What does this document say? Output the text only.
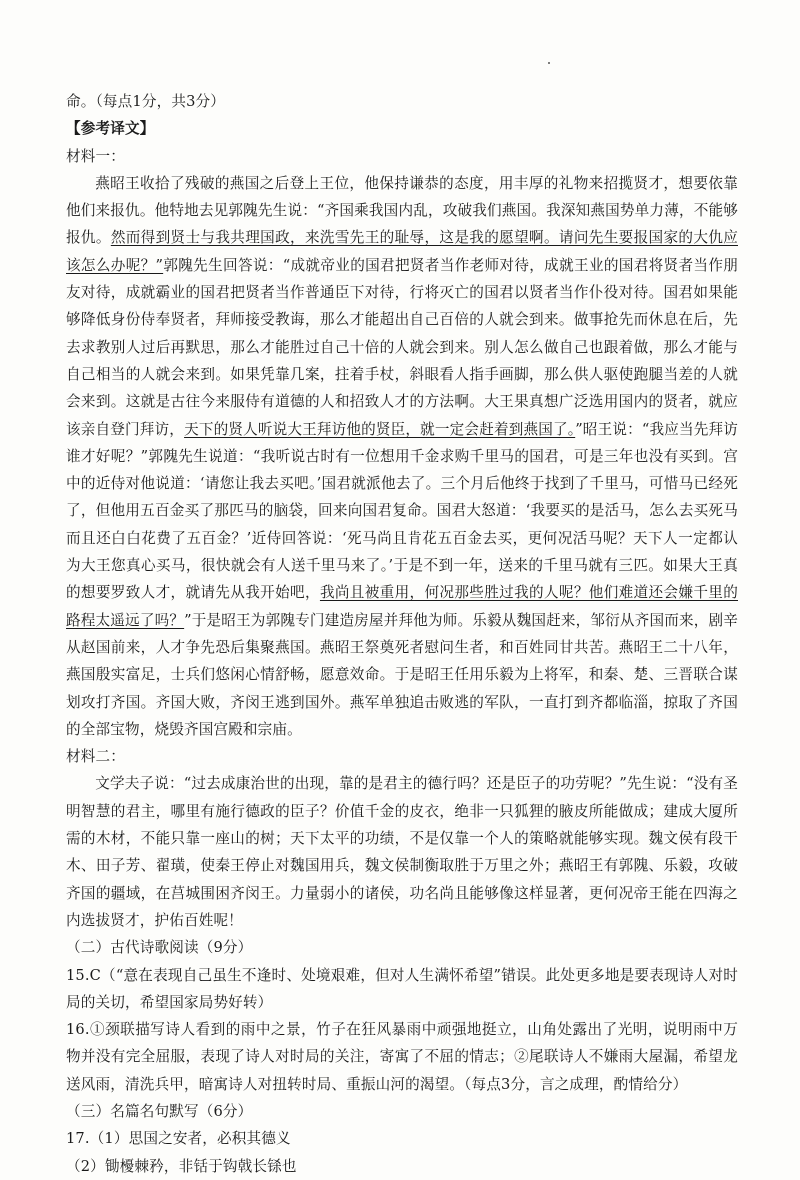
命。（每点1分，共3分）
【参考译文】
材料一：
燕昭王收拾了残破的燕国之后登上王位，他保持谦恭的态度，用丰厚的礼物来招揽贤才，想要依靠他们来报仇。他特地去见郭隗先生说：“齐国乘我国内乱，攻破我们燕国。我深知燕国势单力薄，不能够报仇。然而得到贤士与我共理国政，来洗雪先王的耻辱，这是我的愿望啊。请问先生要报国家的大仇应该怎么办呢？”郭隗先生回答说：“成就帝业的国君把贤者当作老师对待，成就王业的国君将贤者当作朋友对待，成就霸业的国君把贤者当作普通臣下对待，行将灭亡的国君以贤者当作仆役对待。国君如果能够降低身份侍奉贤者，拜师接受教诲，那么才能超出自己百倍的人就会到来。做事抢先而休息在后，先去求教别人过后再默思，那么才能胜过自己十倍的人就会到来。别人怎么做自己也跟着做，那么才能与自己相当的人就会来到。如果凭靠几案，拄着手杖，斜眼看人指手画脚，那么供人驱使跑腿当差的人就会来到。这就是古往今来服侍有道德的人和招致人才的方法啊。大王果真想广泛选用国内的贤者，就应该亲自登门拜访，天下的贤人听说大王拜访他的贤臣，就一定会赶着到燕国了。”昭王说：“我应当先拜访谁才好呢？”郭隗先生说道：“我听说古时有一位想用千金求购千里马的国君，可是三年也没有买到。宫中的近侍对他说道：‘请您让我去买吧。’国君就派他去了。三个月后他终于找到了千里马，可惜马已经死了，但他用五百金买了那匹马的脑袋，回来向国君复命。国君大怒道：‘我要买的是活马，怎么去买死马而且还白白花费了五百金？’近侍回答说：‘死马尚且肯花五百金去买，更何况活马呢？天下人一定都认为大王您真心买马，很快就会有人送千里马来了。’于是不到一年，送来的千里马就有三匹。如果大王真的想要罗致人才，就请先从我开始吧，我尚且被重用，何况那些胜过我的人呢？他们难道还会嫌千里的路程太遥远了吗？”于是昭王为郭隗专门建造房屋并拜他为师。乐毅从魏国赶来，邹衍从齐国而来，剧辛从赵国前来，人才争先恐后集聚燕国。燕昭王祭奠死者慰问生者，和百姓同甘共苦。燕昭王二十八年，燕国殷实富足，士兵们悠闲心情舒畅，愿意效命。于是昭王任用乐毅为上将军，和秦、楚、三晋联合谋划攻打齐国。齐国大败，齐闵王逃到国外。燕军单独追击败逃的军队，一直打到齐都临淄，掠取了齐国的全部宝物，烧毁齐国宫殿和宗庙。
材料二：
文学夫子说：“过去成康治世的出现，靠的是君主的德行吗？还是臣子的功劳呢？”先生说：“没有圣明智慧的君主，哪里有施行德政的臣子？价值千金的皮衣，绝非一只狐狸的腋皮所能做成；建成大厦所需的木材，不能只靠一座山的树；天下太平的功绩，不是仅靠一个人的策略就能够实现。魏文侯有段干木、田子芳、翟璜，使秦王停止对魏国用兵，魏文侯制衡取胜于万里之外；燕昭王有郭隗、乐毅，攻破齐国的疆域，在莒城围困齐闵王。力量弱小的诸侯，功名尚且能够像这样显著，更何况帝王能在四海之内选拔贤才，护佑百姓呢！
（二）古代诗歌阅读（9分）
15.C（“意在表现自己虽生不逢时、处境艰难，但对人生满怀希望”错误。此处更多地是要表现诗人对时局的关切，希望国家局势好转）
16.①颈联描写诗人看到的雨中之景，竹子在狂风暴雨中顽强地挺立，山角处露出了光明，说明雨中万物并没有完全屈服，表现了诗人对时局的关注，寄寓了不屈的情志；②尾联诗人不嫌雨大屋漏，希望龙送风雨，清洗兵甲，暗寓诗人对扭转时局、重振山河的渴望。（每点3分，言之成理，酌情给分）
（三）名篇名句默写（6分）
17.（1）思国之安者，必积其德义
（2）锄櫌棘矜，非铦于钩戟长铩也
